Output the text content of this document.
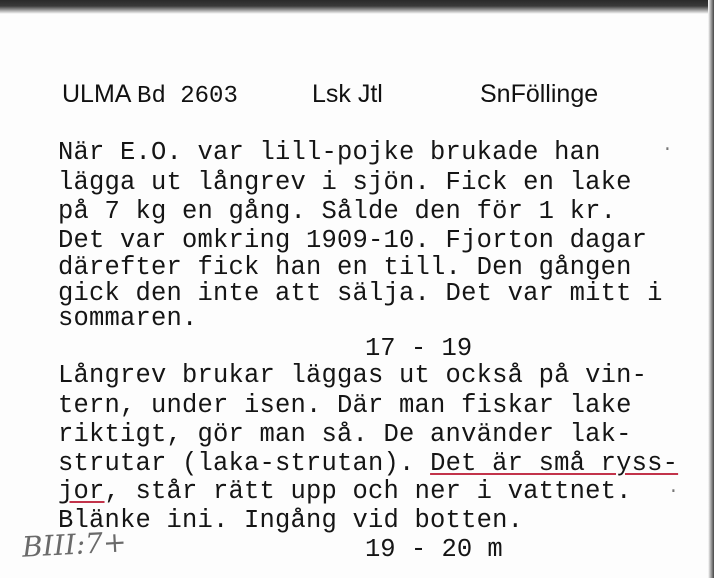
ULMA Bd 2603	Lsk Jtl	SnFöllinge
När E.O. var lill-pojke brukade han
lägga ut långrev i sjön. Fick en lake
på 7 kg en gång. Sålde den för 1 kr.
Det var omkring 1909-10. Fjorton dagar
därefter fick han en till. Den gången
gick den inte att sälja. Det var mitt i
sommaren.
·
17 - 19
Långrev brukar läggas ut också på vin-
tern, under isen. Där man fiskar lake
riktigt, gör man så. De använder lak-
strutar (laka-strutan). Det är små ryss-
jor, står rätt upp och ner i vattnet.
Blänke ini. Ingång vid botten.
·
BIII:7+	19 - 20 m
